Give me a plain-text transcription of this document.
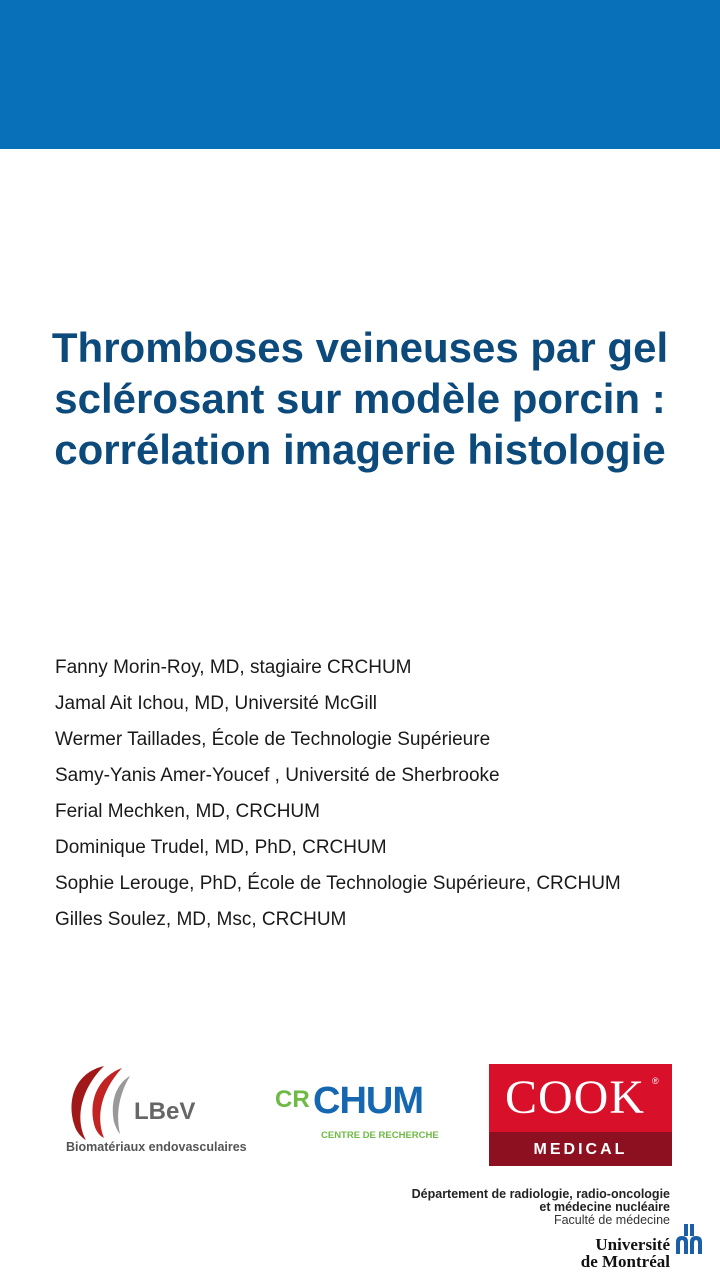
Thromboses veineuses par gel sclérosant sur modèle porcin : corrélation imagerie histologie
Fanny Morin-Roy, MD, stagiaire CRCHUM
Jamal Ait Ichou, MD, Université McGill
Wermer Taillades, École de Technologie Supérieure
Samy-Yanis Amer-Youcef , Université de Sherbrooke
Ferial Mechken, MD, CRCHUM
Dominique Trudel, MD, PhD, CRCHUM
Sophie Lerouge, PhD, École de Technologie Supérieure, CRCHUM
Gilles Soulez, MD, Msc, CRCHUM
LBeV
Biomatériaux endovasculaires
CR CHUM
CENTRE DE RECHERCHE
COOK ®
MEDICAL
Département de radiologie, radio-oncologie
et médecine nucléaire
Faculté de médecine
Université
de Montréal
